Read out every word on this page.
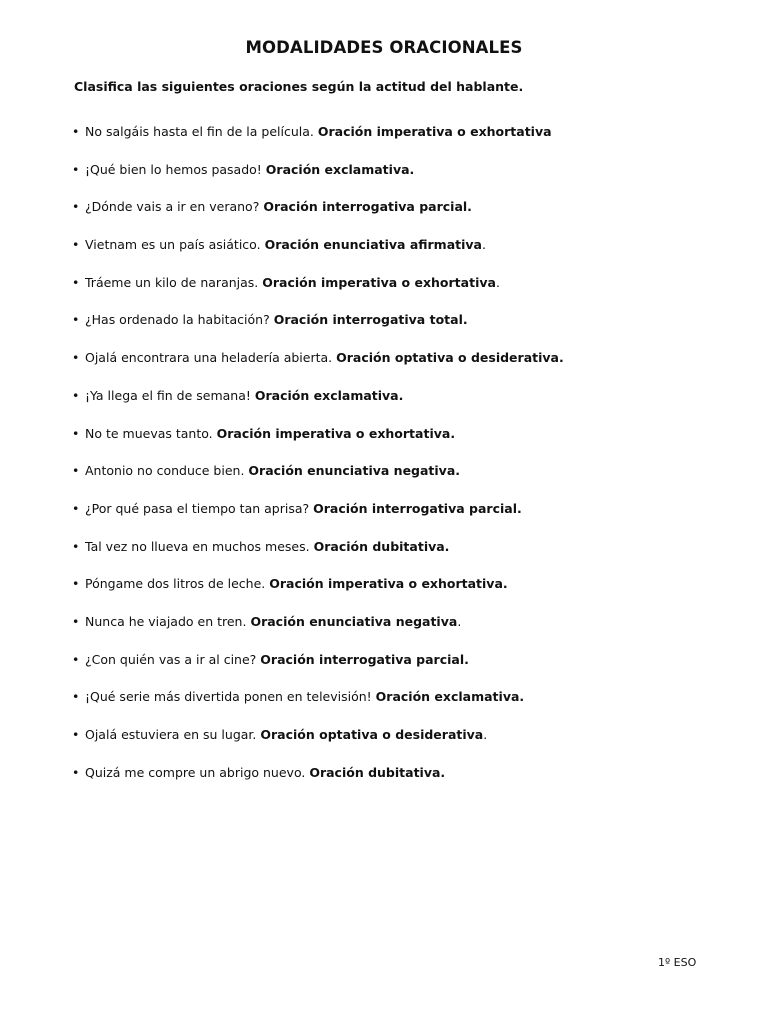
MODALIDADES ORACIONALES
Clasifica las siguientes oraciones según la actitud del hablante.
• No salgáis hasta el fin de la película. Oración imperativa o exhortativa
• ¡Qué bien lo hemos pasado! Oración exclamativa.
• ¿Dónde vais a ir en verano? Oración interrogativa parcial.
• Vietnam es un país asiático. Oración enunciativa afirmativa.
• Tráeme un kilo de naranjas. Oración imperativa o exhortativa.
• ¿Has ordenado la habitación? Oración interrogativa total.
• Ojalá encontrara una heladería abierta. Oración optativa o desiderativa.
• ¡Ya llega el fin de semana! Oración exclamativa.
• No te muevas tanto. Oración imperativa o exhortativa.
• Antonio no conduce bien. Oración enunciativa negativa.
• ¿Por qué pasa el tiempo tan aprisa? Oración interrogativa parcial.
• Tal vez no llueva en muchos meses. Oración dubitativa.
• Póngame dos litros de leche. Oración imperativa o exhortativa.
• Nunca he viajado en tren. Oración enunciativa negativa.
• ¿Con quién vas a ir al cine? Oración interrogativa parcial.
• ¡Qué serie más divertida ponen en televisión! Oración exclamativa.
• Ojalá estuviera en su lugar. Oración optativa o desiderativa.
• Quizá me compre un abrigo nuevo. Oración dubitativa.
1º ESO
